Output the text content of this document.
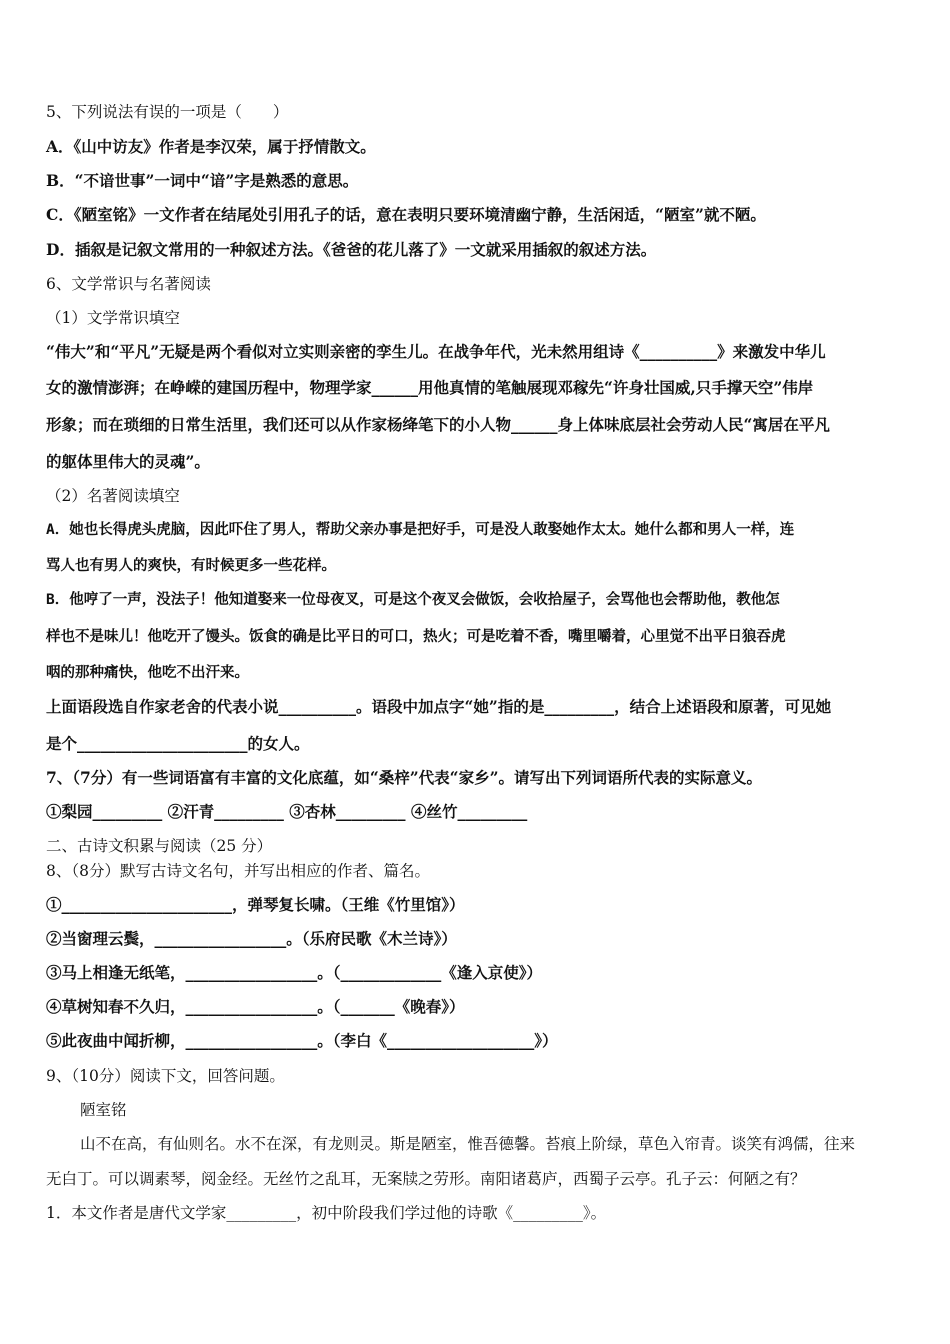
5、下列说法有误的一项是（　　）
A．《山中访友》作者是李汉荣，属于抒情散文。
B．“不谙世事”一词中“谙”字是熟悉的意思。
C．《陋室铭》一文作者在结尾处引用孔子的话，意在表明只要环境清幽宁静，生活闲适，“陋室”就不陋。
D．插叙是记叙文常用的一种叙述方法。《爸爸的花儿落了》一文就采用插叙的叙述方法。
6、文学常识与名著阅读
（1）文学常识填空
“伟大”和“平凡”无疑是两个看似对立实则亲密的孪生儿。在战争年代，光未然用组诗《__________》来激发中华儿
女的激情澎湃；在峥嵘的建国历程中，物理学家______用他真情的笔触展现邓稼先“许身壮国威,只手撑天空”伟岸
形象；而在琐细的日常生活里，我们还可以从作家杨绛笔下的小人物______身上体味底层社会劳动人民“寓居在平凡
的躯体里伟大的灵魂”。
（2）名著阅读填空
A．她也长得虎头虎脑，因此吓住了男人，帮助父亲办事是把好手，可是没人敢娶她作太太。她什么都和男人一样，连
骂人也有男人的爽快，有时候更多一些花样。
B．他哼了一声，没法子！他知道娶来一位母夜叉，可是这个夜叉会做饭，会收拾屋子，会骂他也会帮助他，教他怎
样也不是味儿！他吃开了馒头。饭食的确是比平日的可口，热火；可是吃着不香，嘴里嚼着，心里觉不出平日狼吞虎
咽的那种痛快，他吃不出汗来。
上面语段选自作家老舍的代表小说__________。语段中加点字“她”指的是_________，结合上述语段和原著，可见她
是个______________________的女人。
7、（7分）有一些词语富有丰富的文化底蕴，如“桑梓”代表“家乡”。请写出下列词语所代表的实际意义。
①梨园_________ ②汗青_________ ③杏林_________ ④丝竹_________
二、古诗文积累与阅读（25 分）
8、（8分）默写古诗文名句，并写出相应的作者、篇名。
①______________________，弹琴复长啸。（王维《竹里馆》）
②当窗理云鬓，_________________。（乐府民歌《木兰诗》）
③马上相逢无纸笔，_________________。（_____________《逢入京使》）
④草树知春不久归，_________________。（_______《晚春》）
⑤此夜曲中闻折柳，_________________。（李白《___________________》）
9、（10分）阅读下文，回答问题。
陋室铭
山不在高，有仙则名。水不在深，有龙则灵。斯是陋室，惟吾德馨。苔痕上阶绿，草色入帘青。谈笑有鸿儒，往来
无白丁。可以调素琴，阅金经。无丝竹之乱耳，无案牍之劳形。南阳诸葛庐，西蜀子云亭。孔子云：何陋之有？
1．本文作者是唐代文学家_________，初中阶段我们学过他的诗歌《_________》。
